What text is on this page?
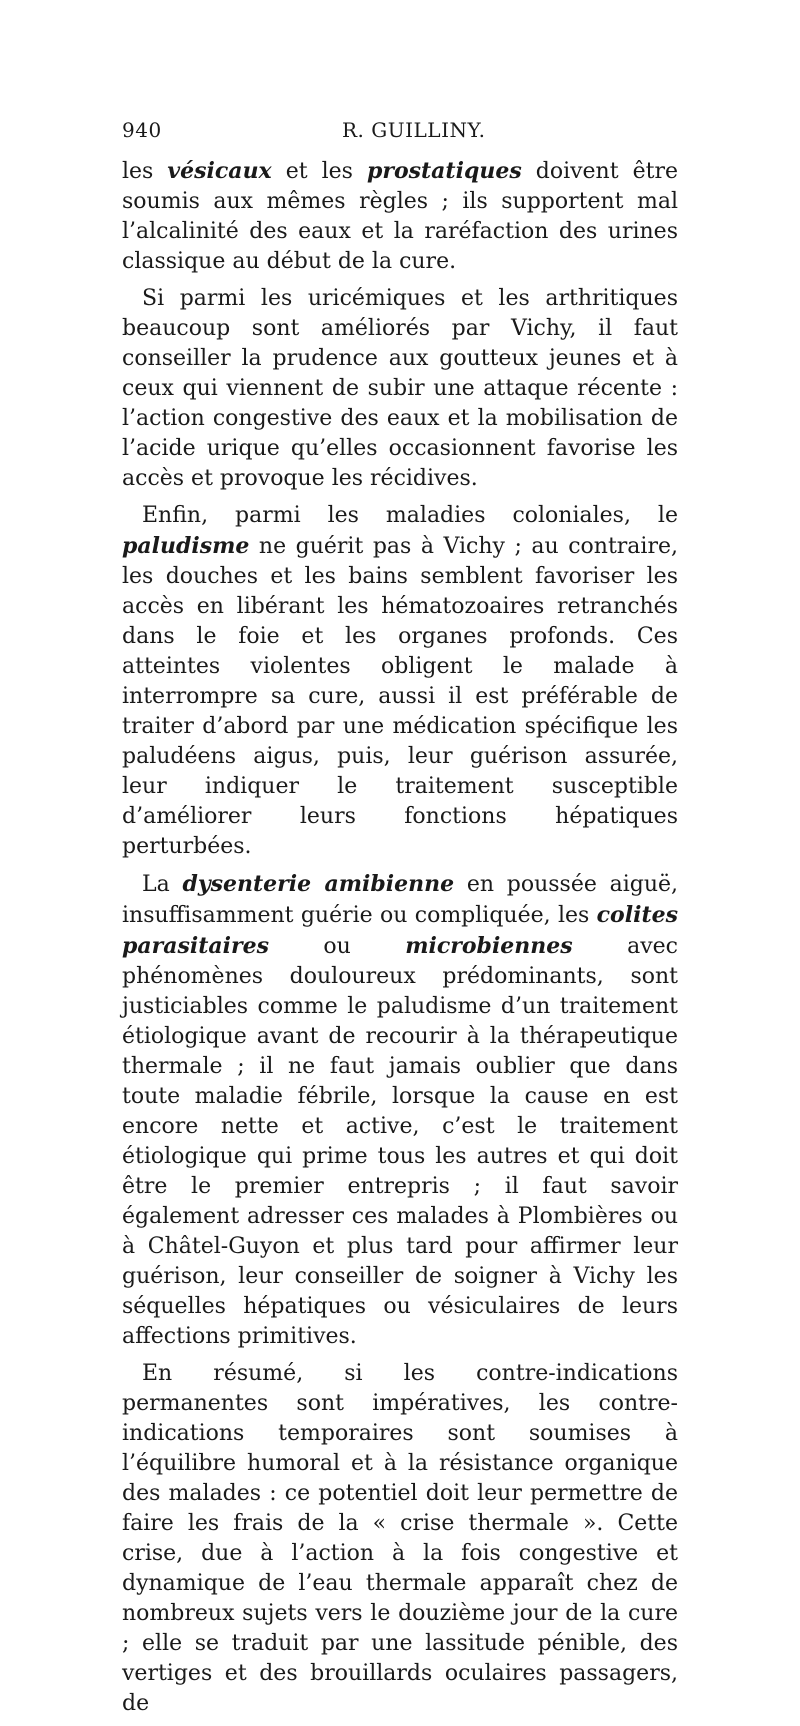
940	R. GUILLINY.

les vésicaux et les prostatiques doivent être soumis aux mêmes règles ; ils supportent mal l’alcalinité des eaux et la raréfaction des urines classique au début de la cure.

Si parmi les uricémiques et les arthritiques beaucoup sont améliorés par Vichy, il faut conseiller la prudence aux goutteux jeunes et à ceux qui viennent de subir une attaque récente : l’action congestive des eaux et la mobilisation de l’acide urique qu’elles occasionnent favorise les accès et provoque les récidives.

Enfin, parmi les maladies coloniales, le paludisme ne guérit pas à Vichy ; au contraire, les douches et les bains semblent favoriser les accès en libérant les hématozoaires retranchés dans le foie et les organes profonds. Ces atteintes violentes obligent le malade à interrompre sa cure, aussi il est préférable de traiter d’abord par une médication spécifique les paludéens aigus, puis, leur guérison assurée, leur indiquer le traitement susceptible d’améliorer leurs fonctions hépatiques perturbées.

La dysenterie amibienne en poussée aiguë, insuffisamment guérie ou compliquée, les colites parasitaires ou microbiennes avec phénomènes douloureux prédominants, sont justiciables comme le paludisme d’un traitement étiologique avant de recourir à la thérapeutique thermale ; il ne faut jamais oublier que dans toute maladie fébrile, lorsque la cause en est encore nette et active, c’est le traitement étiologique qui prime tous les autres et qui doit être le premier entrepris ; il faut savoir également adresser ces malades à Plombières ou à Châtel-Guyon et plus tard pour affirmer leur guérison, leur conseiller de soigner à Vichy les séquelles hépatiques ou vésiculaires de leurs affections primitives.

En résumé, si les contre-indications permanentes sont impératives, les contre-indications temporaires sont soumises à l’équilibre humoral et à la résistance organique des malades : ce potentiel doit leur permettre de faire les frais de la « crise thermale ». Cette crise, due à l’action à la fois congestive et dynamique de l’eau thermale apparaît chez de nombreux sujets vers le douzième jour de la cure ; elle se traduit par une lassitude pénible, des vertiges et des brouillards oculaires passagers, de
